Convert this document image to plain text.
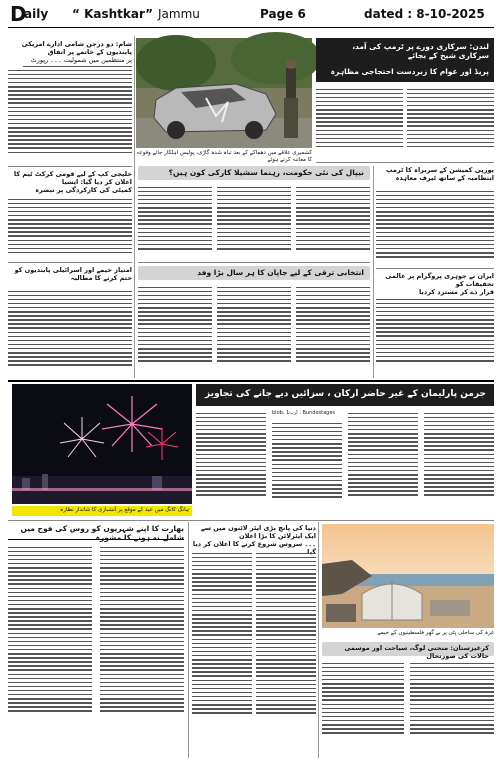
D
aily “ Kashtkar” Jammu	Page 6	dated : 8-10-2025
شام: دو درجن شامی ادارے امریکی پابندیوں کے خاتمے پر اتفاق
پر منتظمین میں شمولیت ۔۔۔ رپورٹ
خلیجی کپ کے لیے قومی کرکٹ ٹیم کا اعلان کر دیا گیا: ایشیا
کمیٹی کی کارکردگی پر تبصرہ
امتیاز خیمے اور اسرائیلی پابندیوں کو ختم کرنے کا مطالبہ
کشمیری علاقے میں دھماکے کے بعد تباہ شدہ گاڑی، پولیس اہلکار جائے وقوعہ کا معائنہ کرتے ہوئے
لندن: سرکاری دورے پر ٹرمپ کی آمد، سرکاری شیخ کے بجائے
پریڈ اور عوام کا زبردست احتجاجی مظاہرہ
نیپال کی نئی حکومت، رہنما سشیلا کارکی کون ہیں؟	یورپی کمیشن کے سربراہ کا ٹرمپ انتظامیہ کے ساتھ ٹیرف معاہدہ
انتخابی ترقی کے لیے جاپان کا ہر سال بڑا وفد	ایران نے جوہری پروگرام پر عالمی تحقیقات کو
قرار دے کر مسترد کردیا
ہانگ کانگ میں عید کے موقع پر آتشبازی کا شاندار نظارہ
جرمن پارلیمان کے غیر حاضر ارکان ، سزائیں دیے جانے کی تجاویز
blob، 1ارب ، Bundestages
بھارت کا اپنے شہریوں کو روس کی فوج میں شامل نہ ہونے کا مشورہ
دنیا کی پانچ بڑی ایئر لائنوں میں سے ایک ایئرلائن کا بڑا اعلان
۔۔۔ سروس شروع کرنے کا اعلان کر دیا
غزہ کی ساحلی پٹی پر بے گھر فلسطینیوں کے خیمے
کرغیزستان: منحنی لوگ، سیاحت اور موسمی حالات کی صورتحال
